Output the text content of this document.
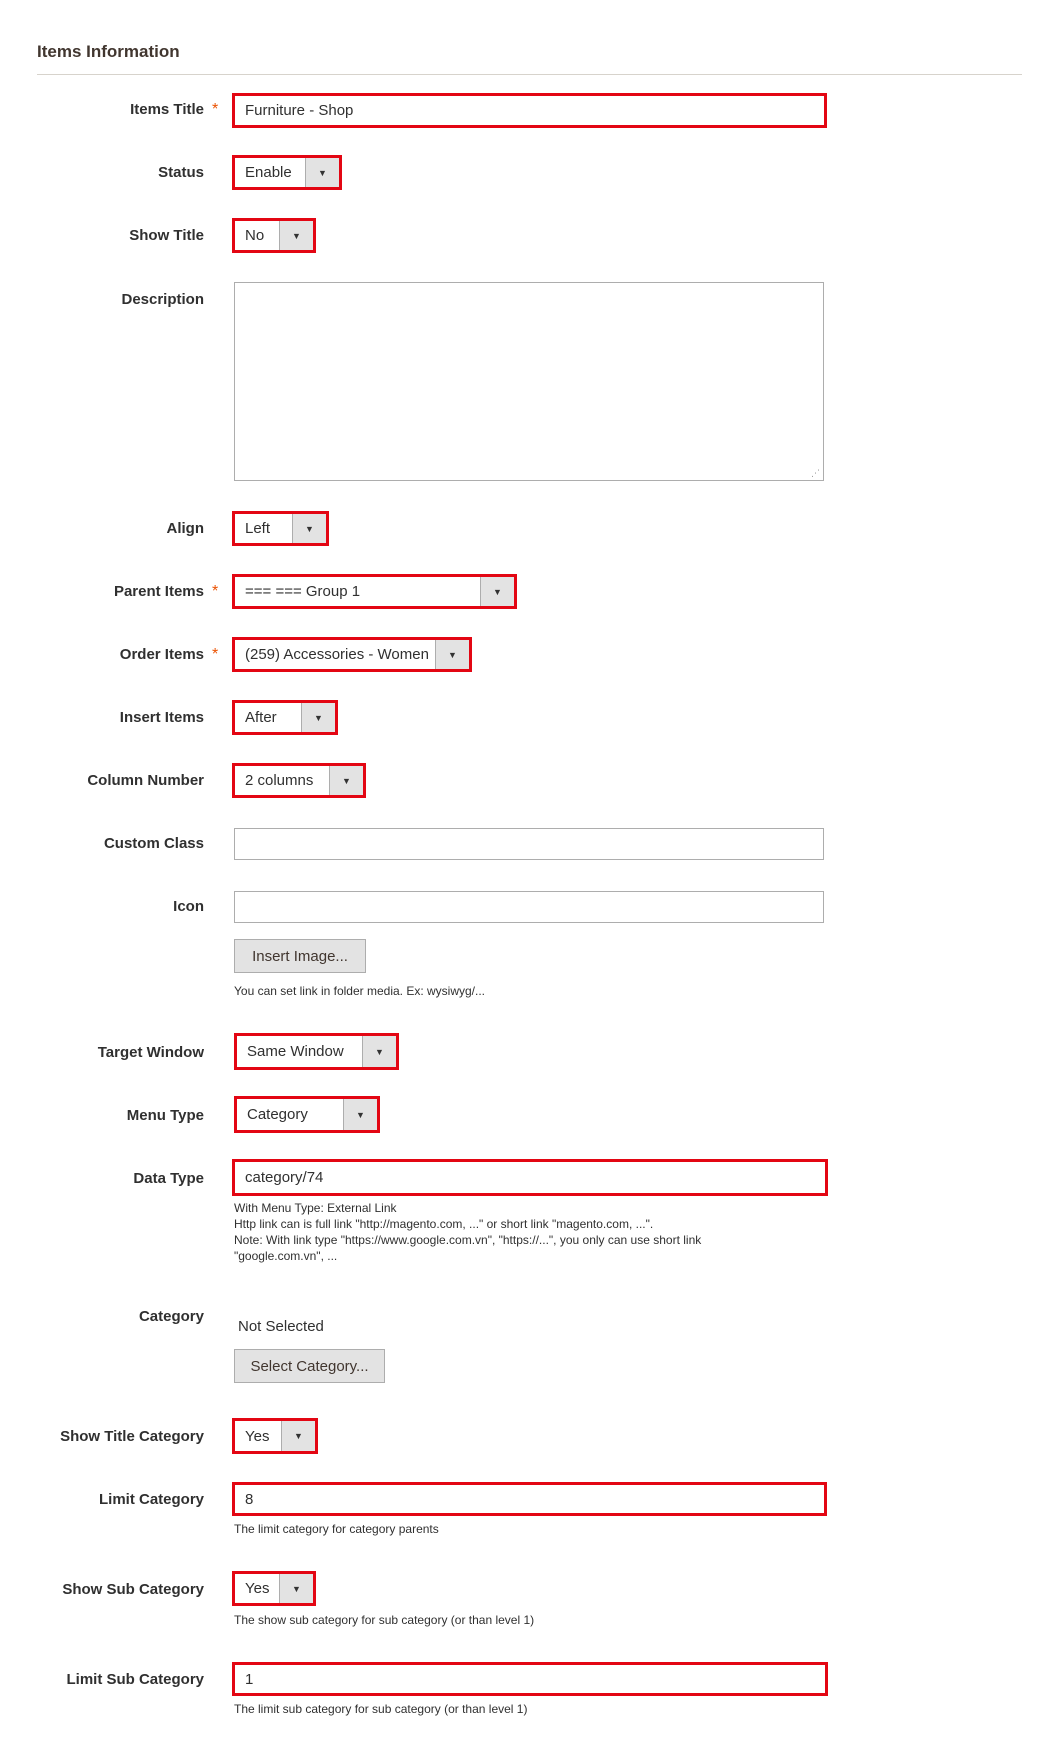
Items Information
Items Title * Furniture - Shop
Status	Enable	▼
Show Title	No	▼
Description
⋰
Align	Left	▼
Parent Items * === === Group 1	▼
Order Items * (259) Accessories - Women	▼
Insert Items	After	▼
Column Number	2 columns	▼
Custom Class
Icon
Insert Image...
You can set link in folder media. Ex: wysiwyg/...
Target Window	Same Window	▼
Menu Type	Category	▼
Data Type	category/74
With Menu Type: External Link
Http link can is full link "http://magento.com, ..." or short link "magento.com, ...".
Note: With link type "https://www.google.com.vn", "https://...", you only can use short link
"google.com.vn", ...
Category
Not Selected
Select Category...
Show Title Category	Yes	▼
Limit Category	8
The limit category for category parents
Show Sub Category	Yes	▼
The show sub category for sub category (or than level 1)
Limit Sub Category	1
The limit sub category for sub category (or than level 1)
